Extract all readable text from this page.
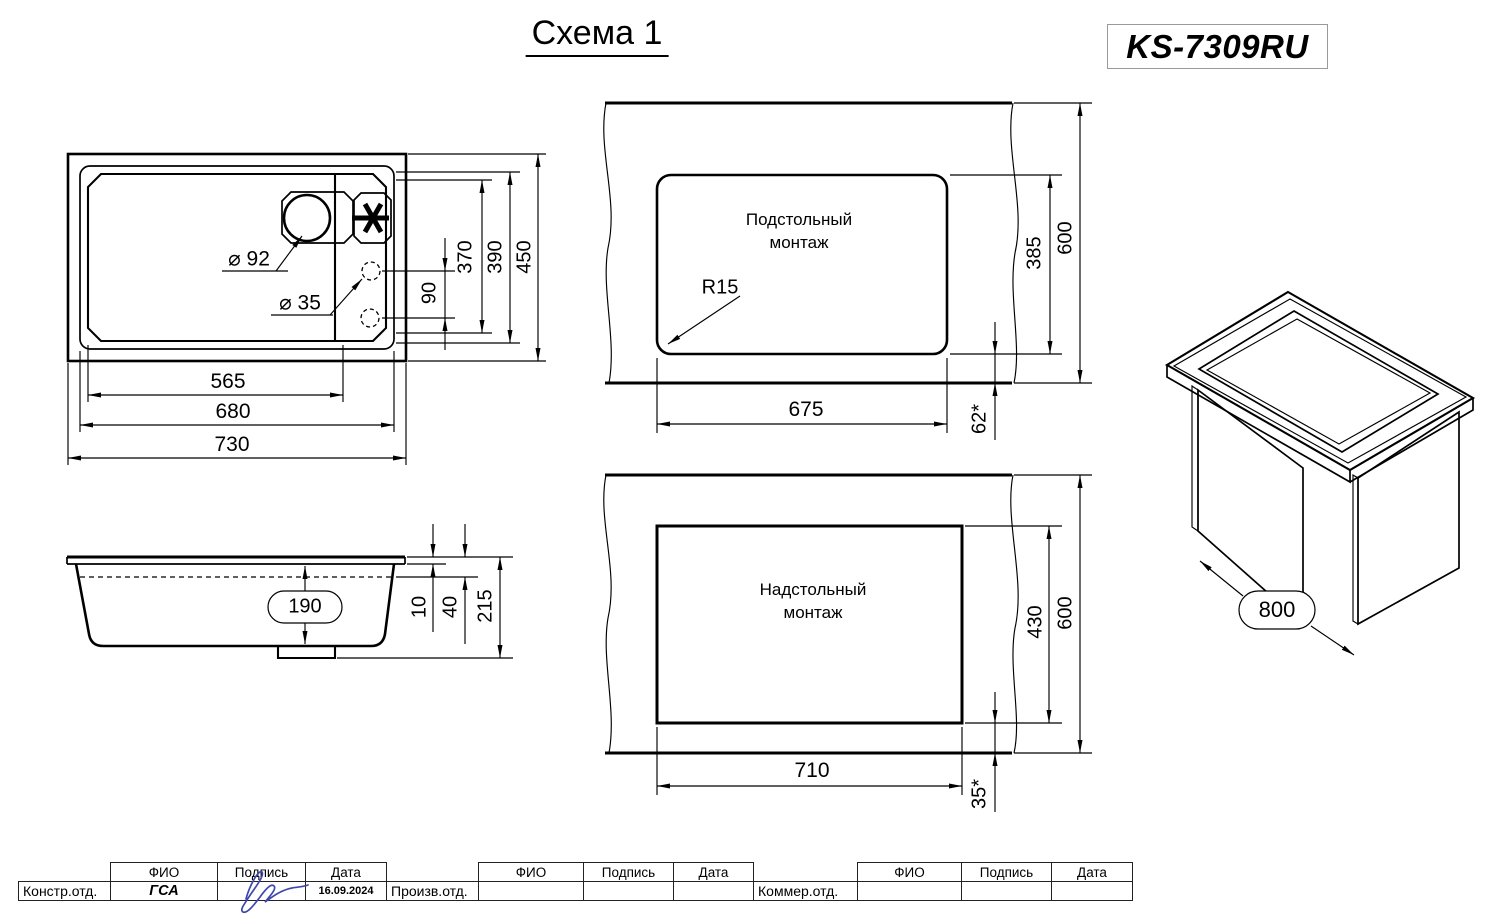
Схема 1	KS-7309RU
⌀ 92
⌀ 35	90
370 390 450
565
680
730
190	10 40 215
Подстольный
монтаж
R15
675
385 600
62*
Надстольный
монтаж
710
430 600
35*
800
	ФИО	Подпись	Дата		ФИО	Подпись	Дата		ФИО	Подпись	Дата
Констр.отд.	ГСА		16.09.2024	Произв.отд.				Коммер.отд.			
